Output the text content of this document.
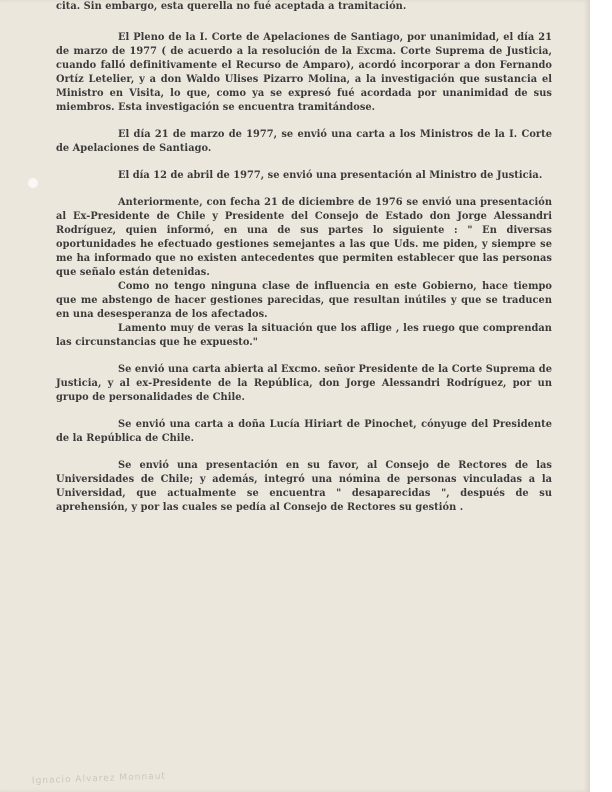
cita. Sin embargo, esta querella no fué aceptada a tramitación.

El Pleno de la I. Corte de Apelaciones de Santiago, por unanimidad, el día 21 de marzo de 1977 ( de acuerdo a la resolución de la Excma. Corte Suprema de Justicia, cuando falló definitivamente el Recurso de Amparo), acordó incorporar a don Fernando Ortíz Letelier, y a don Waldo Ulises Pizarro Molina, a la investigación que sustancia el Ministro en Visita, lo que, como ya se expresó fué acordada por unanimidad de sus miembros. Esta investigación se encuentra tramitándose.

El día 21 de marzo de 1977, se envió una carta a los Ministros de la I. Corte de Apelaciones de Santiago.

El día 12 de abril de 1977, se envió una presentación al Ministro de Justicia.

Anteriormente, con fecha 21 de diciembre de 1976 se envió una presentación al Ex-Presidente de Chile y Presidente del Consejo de Estado don Jorge Alessandri Rodríguez, quien informó, en una de sus partes lo siguiente : " En diversas oportunidades he efectuado gestiones semejantes a las que Uds. me piden, y siempre se me ha informado que no existen antecedentes que permiten establecer que las personas que señalo están detenidas.

Como no tengo ninguna clase de influencia en este Gobierno, hace tiempo que me abstengo de hacer gestiones parecidas, que resultan inútiles y que se traducen en una desesperanza de los afectados.

Lamento muy de veras la situación que los aflige , les ruego que comprendan las circunstancias que he expuesto."

Se envió una carta abierta al Excmo. señor Presidente de la Corte Suprema de Justicia, y al ex-Presidente de la República, don Jorge Alessandri Rodríguez, por un grupo de personalidades de Chile.

Se envió una carta a doña Lucía Hiriart de Pinochet, cónyuge del Presidente de la República de Chile.

Se envió una presentación en su favor, al Consejo de Rectores de las Universidades de Chile; y además, integró una nómina de personas vinculadas a la Universidad, que actualmente se encuentra " desaparecidas ", después de su aprehensión, y por las cuales se pedía al Consejo de Rectores su gestión .

Ignacio Alvarez Monnaut
